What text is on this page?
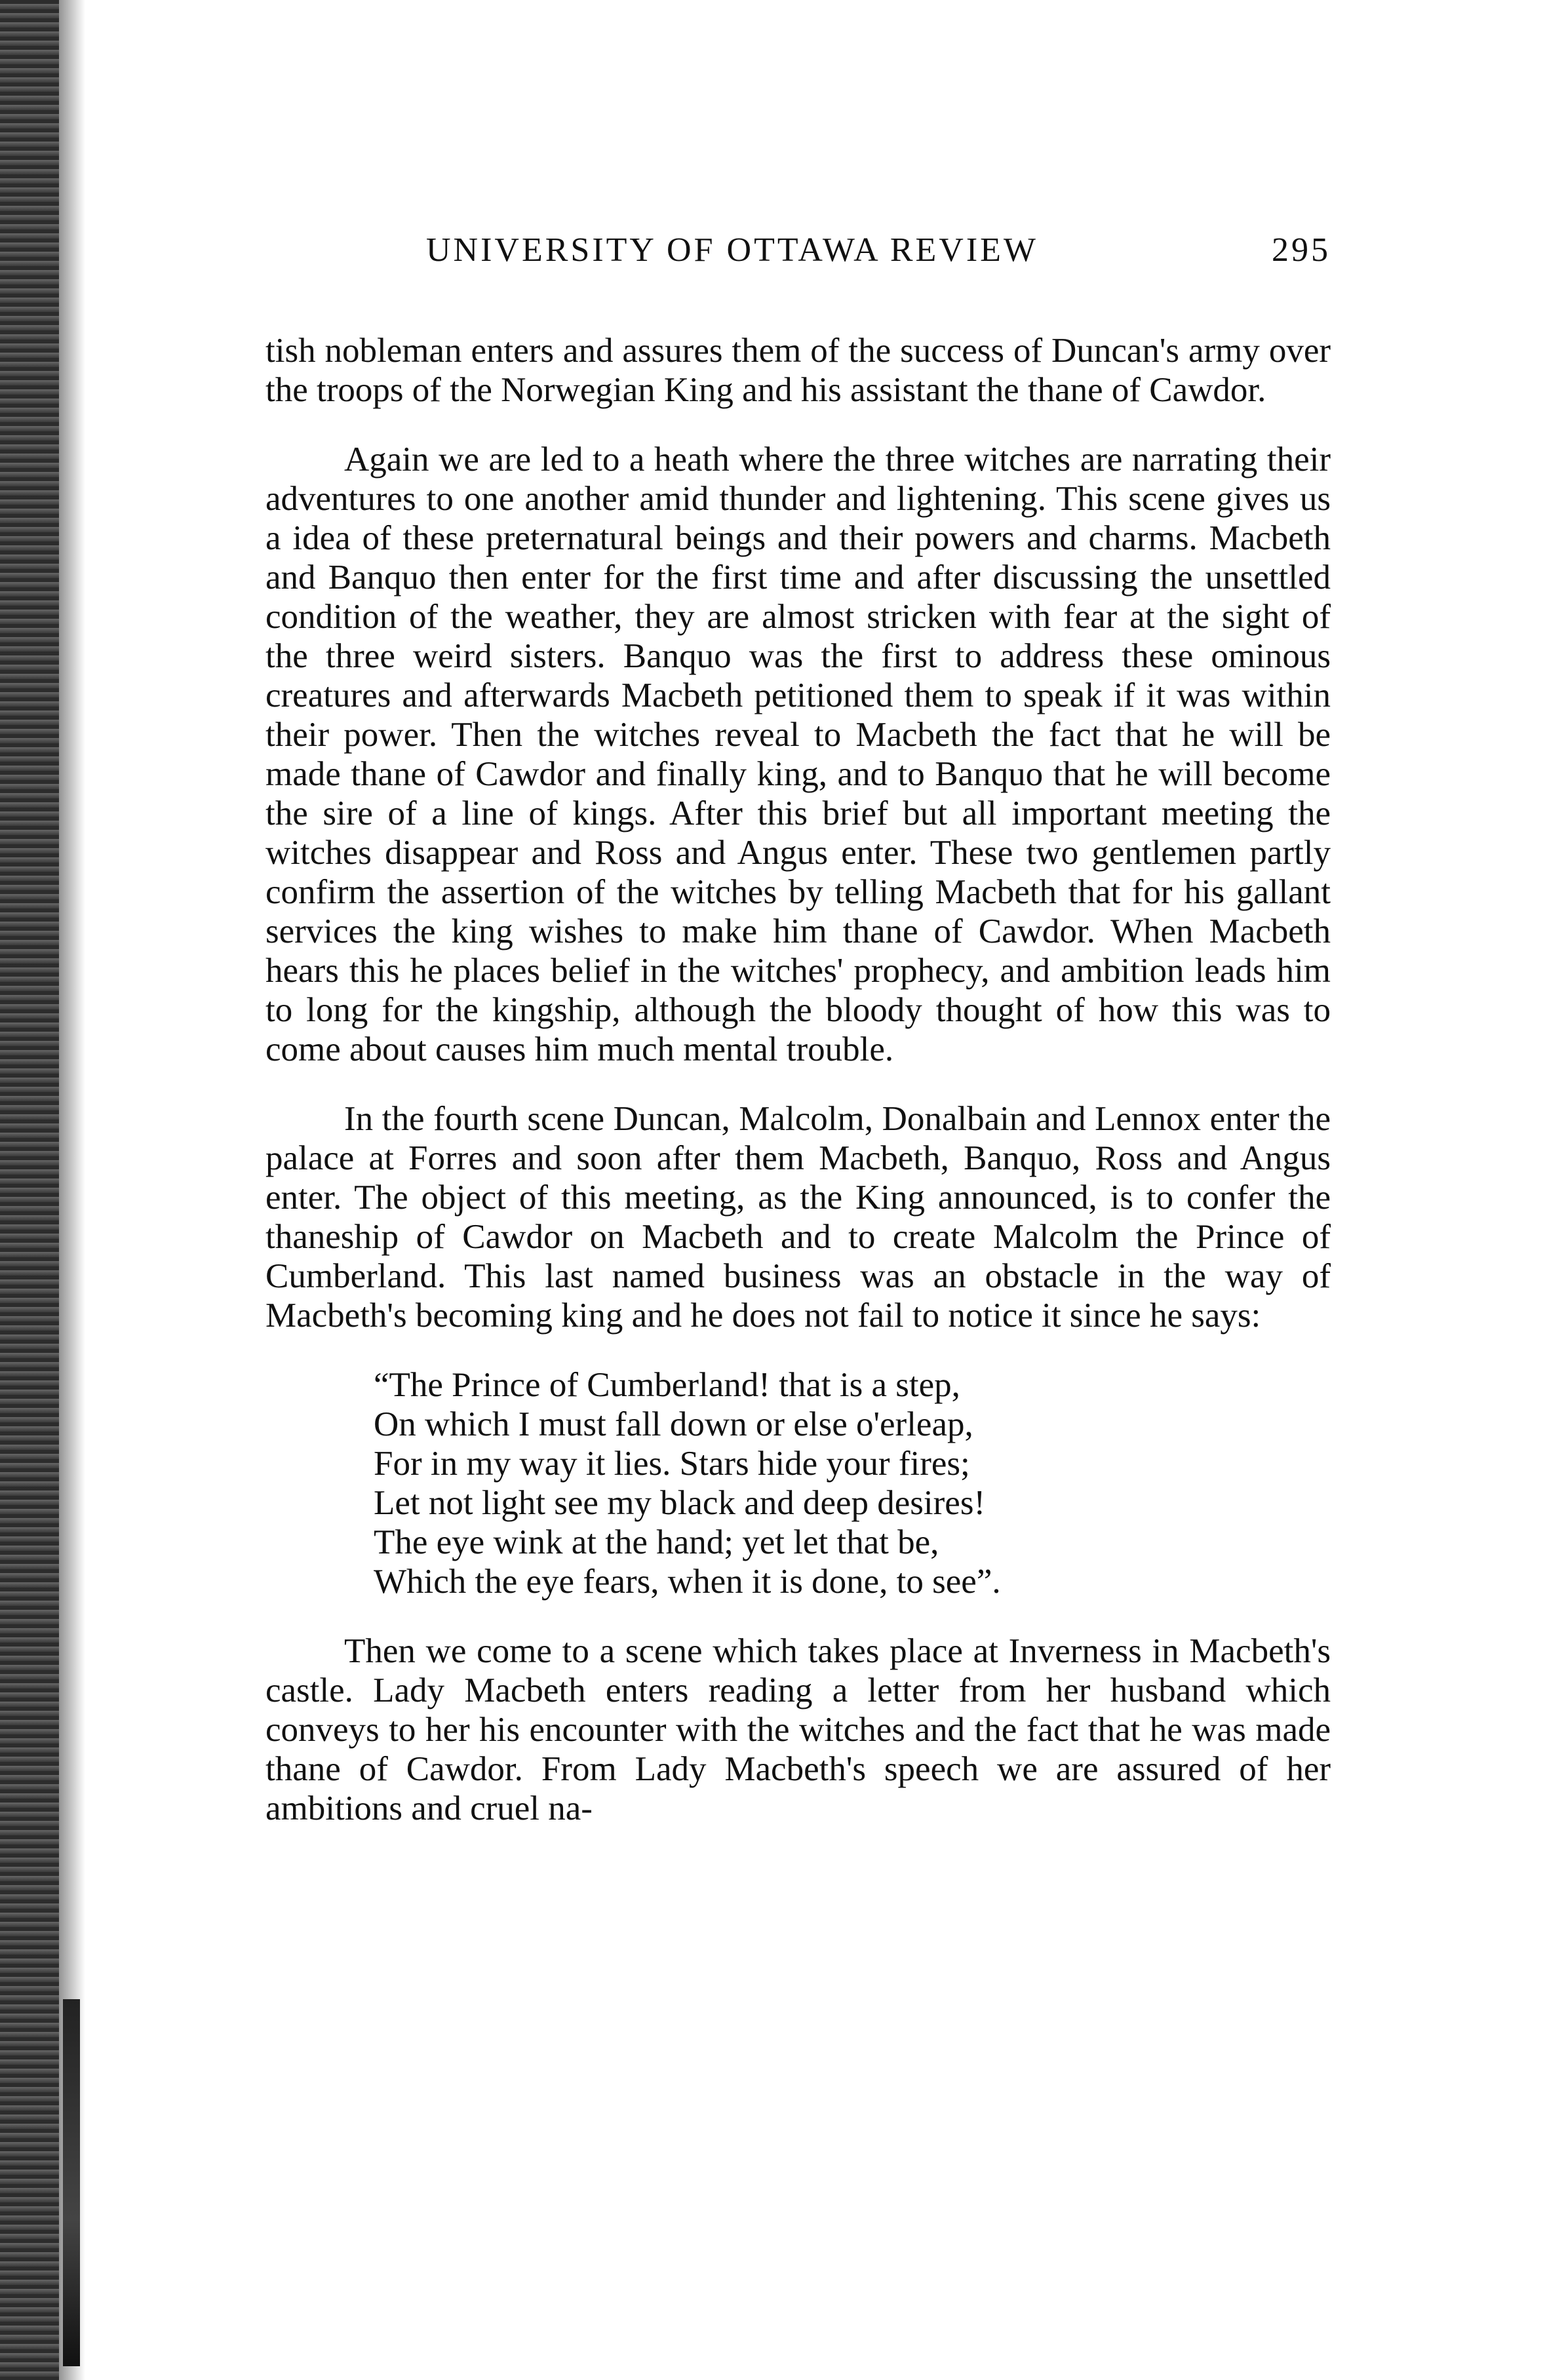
UNIVERSITY OF OTTAWA REVIEW	295

tish nobleman enters and assures them of the success of Duncan's army over the troops of the Norwegian King and his assistant the thane of Cawdor.

Again we are led to a heath where the three witches are narrating their adventures to one another amid thunder and lightening. This scene gives us a idea of these preternatural beings and their powers and charms. Macbeth and Banquo then enter for the first time and after discussing the unsettled condition of the weather, they are almost stricken with fear at the sight of the three weird sisters. Banquo was the first to address these ominous creatures and afterwards Macbeth petitioned them to speak if it was within their power. Then the witches reveal to Macbeth the fact that he will be made thane of Cawdor and finally king, and to Banquo that he will become the sire of a line of kings. After this brief but all important meeting the witches disappear and Ross and Angus enter. These two gentlemen partly confirm the assertion of the witches by telling Macbeth that for his gallant services the king wishes to make him thane of Cawdor. When Macbeth hears this he places belief in the witches' prophecy, and ambition leads him to long for the kingship, although the bloody thought of how this was to come about causes him much mental trouble.

In the fourth scene Duncan, Malcolm, Donalbain and Lennox enter the palace at Forres and soon after them Macbeth, Banquo, Ross and Angus enter. The object of this meeting, as the King announced, is to confer the thaneship of Cawdor on Macbeth and to create Malcolm the Prince of Cumberland. This last named business was an obstacle in the way of Macbeth's becoming king and he does not fail to notice it since he says:

“The Prince of Cumberland! that is a step,
On which I must fall down or else o'erleap,
For in my way it lies. Stars hide your fires;
Let not light see my black and deep desires!
The eye wink at the hand; yet let that be,
Which the eye fears, when it is done, to see”.

Then we come to a scene which takes place at Inverness in Macbeth's castle. Lady Macbeth enters reading a letter from her husband which conveys to her his encounter with the witches and the fact that he was made thane of Cawdor. From Lady Macbeth's speech we are assured of her ambitions and cruel na-
